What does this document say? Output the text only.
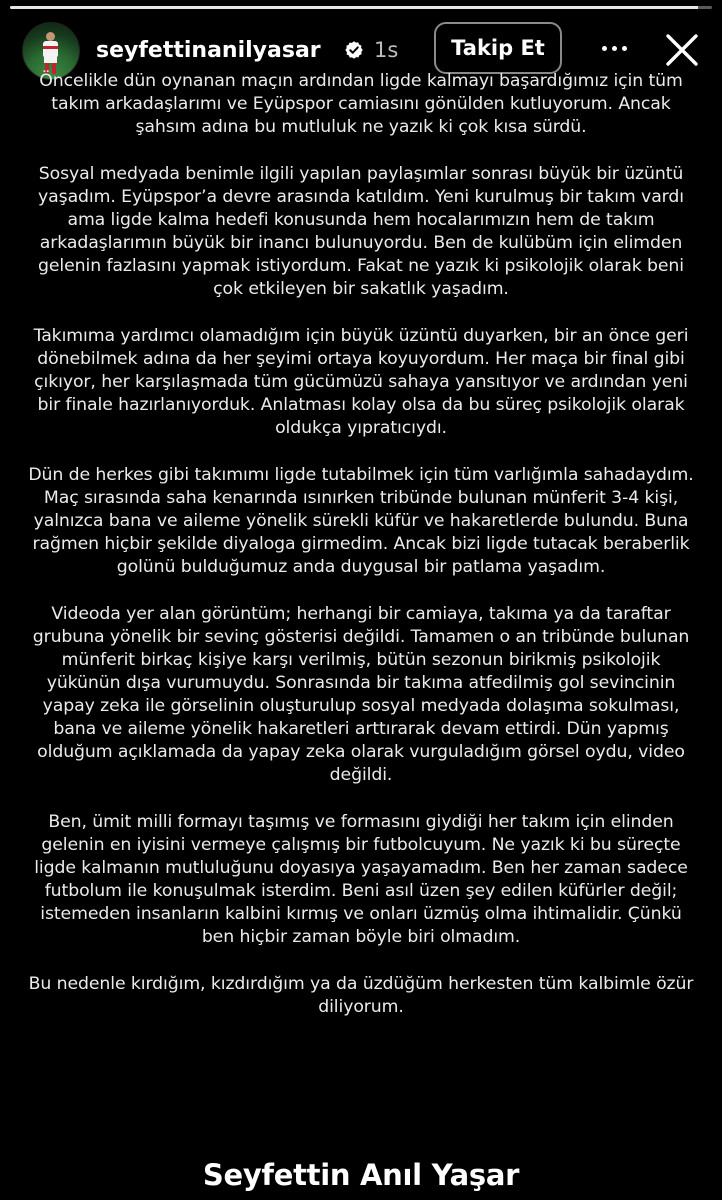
seyfettinanilyasar	1s	Takip Et

Öncelikle dün oynanan maçın ardından ligde kalmayı başardığımız için tüm takım arkadaşlarımı ve Eyüpspor camiasını gönülden kutluyorum. Ancak şahsım adına bu mutluluk ne yazık ki çok kısa sürdü.

Sosyal medyada benimle ilgili yapılan paylaşımlar sonrası büyük bir üzüntü yaşadım. Eyüpspor’a devre arasında katıldım. Yeni kurulmuş bir takım vardı ama ligde kalma hedefi konusunda hem hocalarımızın hem de takım arkadaşlarımın büyük bir inancı bulunuyordu. Ben de kulübüm için elimden gelenin fazlasını yapmak istiyordum. Fakat ne yazık ki psikolojik olarak beni çok etkileyen bir sakatlık yaşadım.

Takımıma yardımcı olamadığım için büyük üzüntü duyarken, bir an önce geri dönebilmek adına da her şeyimi ortaya koyuyordum. Her maça bir final gibi çıkıyor, her karşılaşmada tüm gücümüzü sahaya yansıtıyor ve ardından yeni bir finale hazırlanıyorduk. Anlatması kolay olsa da bu süreç psikolojik olarak oldukça yıpratıcıydı.

Dün de herkes gibi takımımı ligde tutabilmek için tüm varlığımla sahadaydım. Maç sırasında saha kenarında ısınırken tribünde bulunan münferit 3-4 kişi, yalnızca bana ve aileme yönelik sürekli küfür ve hakaretlerde bulundu. Buna rağmen hiçbir şekilde diyaloga girmedim. Ancak bizi ligde tutacak beraberlik golünü bulduğumuz anda duygusal bir patlama yaşadım.

Videoda yer alan görüntüm; herhangi bir camiaya, takıma ya da taraftar grubuna yönelik bir sevinç gösterisi değildi. Tamamen o an tribünde bulunan münferit birkaç kişiye karşı verilmiş, bütün sezonun birikmiş psikolojik yükünün dışa vurumuydu. Sonrasında bir takıma atfedilmiş gol sevincinin yapay zeka ile görselinin oluşturulup sosyal medyada dolaşıma sokulması, bana ve aileme yönelik hakaretleri arttırarak devam ettirdi. Dün yapmış olduğum açıklamada da yapay zeka olarak vurguladığım görsel oydu, video değildi.

Ben, ümit milli formayı taşımış ve formasını giydiği her takım için elinden gelenin en iyisini vermeye çalışmış bir futbolcuyum. Ne yazık ki bu süreçte ligde kalmanın mutluluğunu doyasıya yaşayamadım. Ben her zaman sadece futbolum ile konuşulmak isterdim. Beni asıl üzen şey edilen küfürler değil; istemeden insanların kalbini kırmış ve onları üzmüş olma ihtimalidir. Çünkü ben hiçbir zaman böyle biri olmadım.

Bu nedenle kırdığım, kızdırdığım ya da üzdüğüm herkesten tüm kalbimle özür diliyorum.

Seyfettin Anıl Yaşar
